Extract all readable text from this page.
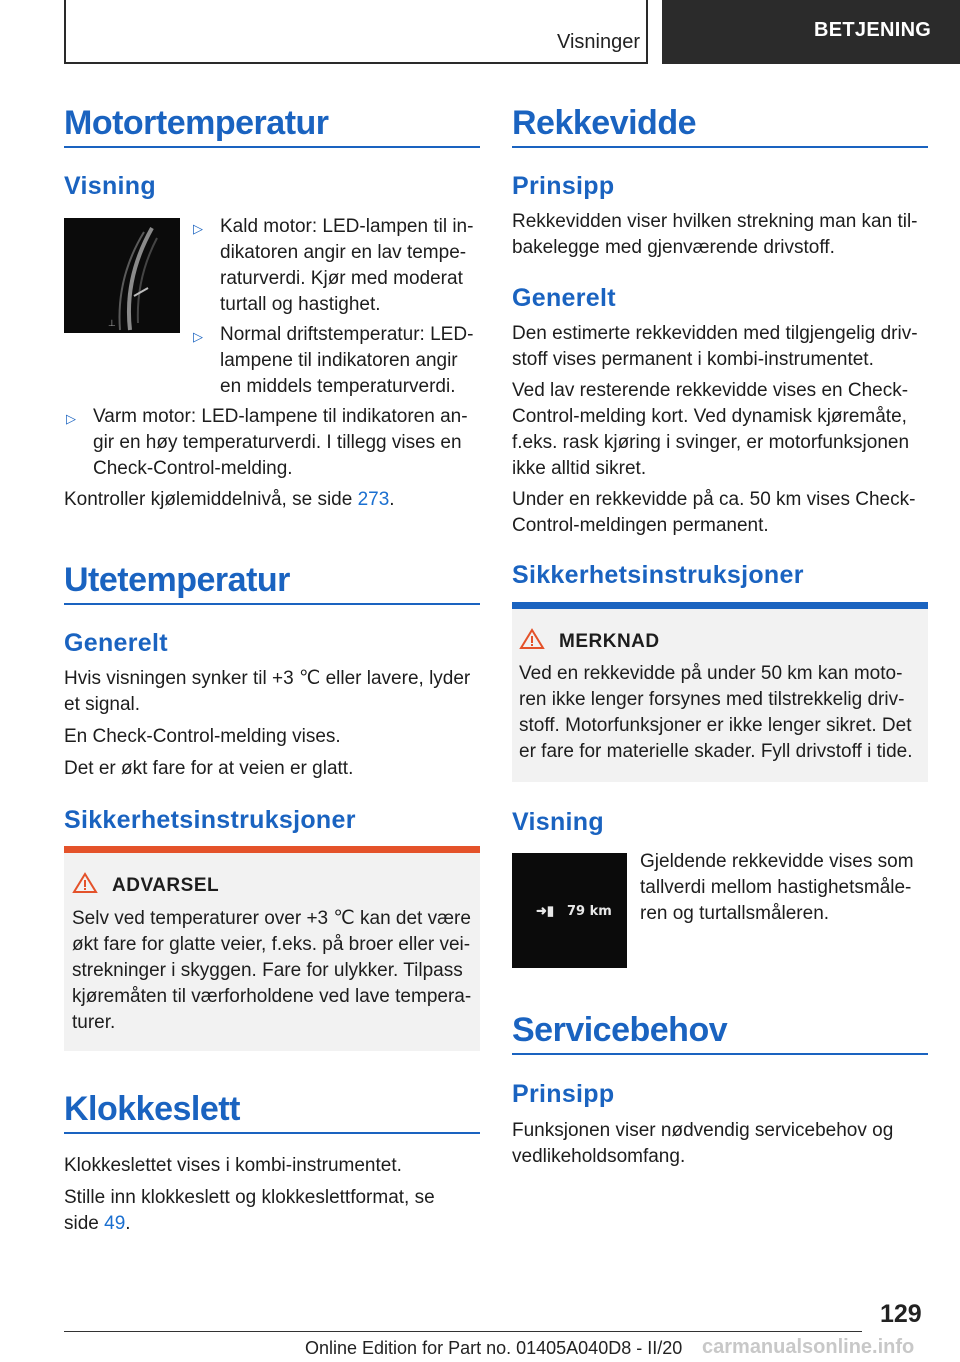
Visninger
BETJENING
Motortemperatur
Visning
⊥
▷ Kald motor: LED-lampen til in-
dikatoren angir en lav tempe-
raturverdi. Kjør med moderat
turtall og hastighet.
▷ Normal driftstemperatur: LED-
lampene til indikatoren angir
en middels temperaturverdi.
▷ Varm motor: LED-lampene til indikatoren an-
gir en høy temperaturverdi. I tillegg vises en
Check-Control-melding.

Kontroller kjølemiddelnivå, se side 273.

Utetemperatur
Generelt

Hvis visningen synker til +3 ℃ eller lavere, lyder
et signal.

En Check-Control-melding vises.

Det er økt fare for at veien er glatt.

Sikkerhetsinstruksjoner
ADVARSEL

Selv ved temperaturer over +3 ℃ kan det være
økt fare for glatte veier, f.eks. på broer eller vei-
strekninger i skyggen. Fare for ulykker. Tilpass
kjøremåten til værforholdene ved lave tempera-
turer.

Klokkeslett

Klokkeslettet vises i kombi-instrumentet.

Stille inn klokkeslett og klokkeslettformat, se
side 49.

Rekkevidde
Prinsipp

Rekkevidden viser hvilken strekning man kan til-
bakelegge med gjenværende drivstoff.

Generelt

Den estimerte rekkevidden med tilgjengelig driv-
stoff vises permanent i kombi-instrumentet.

Ved lav resterende rekkevidde vises en Check-
Control-melding kort. Ved dynamisk kjøremåte,
f.eks. rask kjøring i svinger, er motorfunksjonen
ikke alltid sikret.

Under en rekkevidde på ca. 50 km vises Check-
Control-meldingen permanent.

Sikkerhetsinstruksjoner
MERKNAD

Ved en rekkevidde på under 50 km kan moto-
ren ikke lenger forsynes med tilstrekkelig driv-
stoff. Motorfunksjoner er ikke lenger sikret. Det
er fare for materielle skader. Fyll drivstoff i tide.

Visning
➜▮ 79 km

Gjeldende rekkevidde vises som
tallverdi mellom hastighetsmåle-
ren og turtallsmåleren.

Servicebehov
Prinsipp

Funksjonen viser nødvendig servicebehov og
vedlikeholdsomfang.

129
Online Edition for Part no. 01405A040D8 - II/20 carmanualsonline.info
